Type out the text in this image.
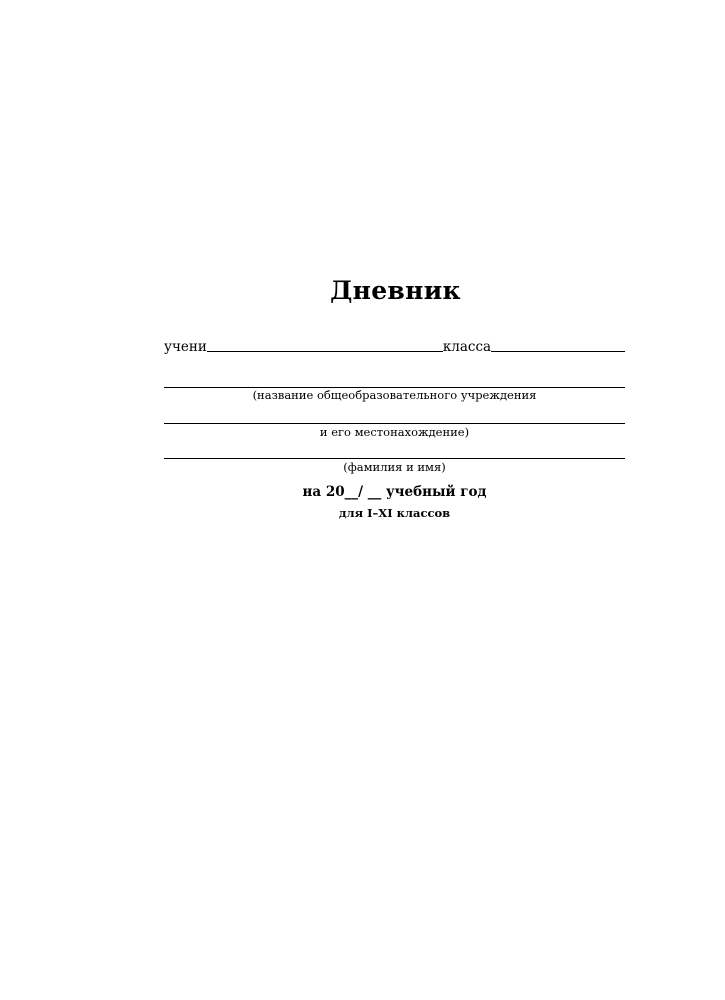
Дневник
учени	класса
(название общеобразовательного учреждения
и его местонахождение)
(фамилия и имя)
на 20__/ __ учебный год
для I–XI классов
